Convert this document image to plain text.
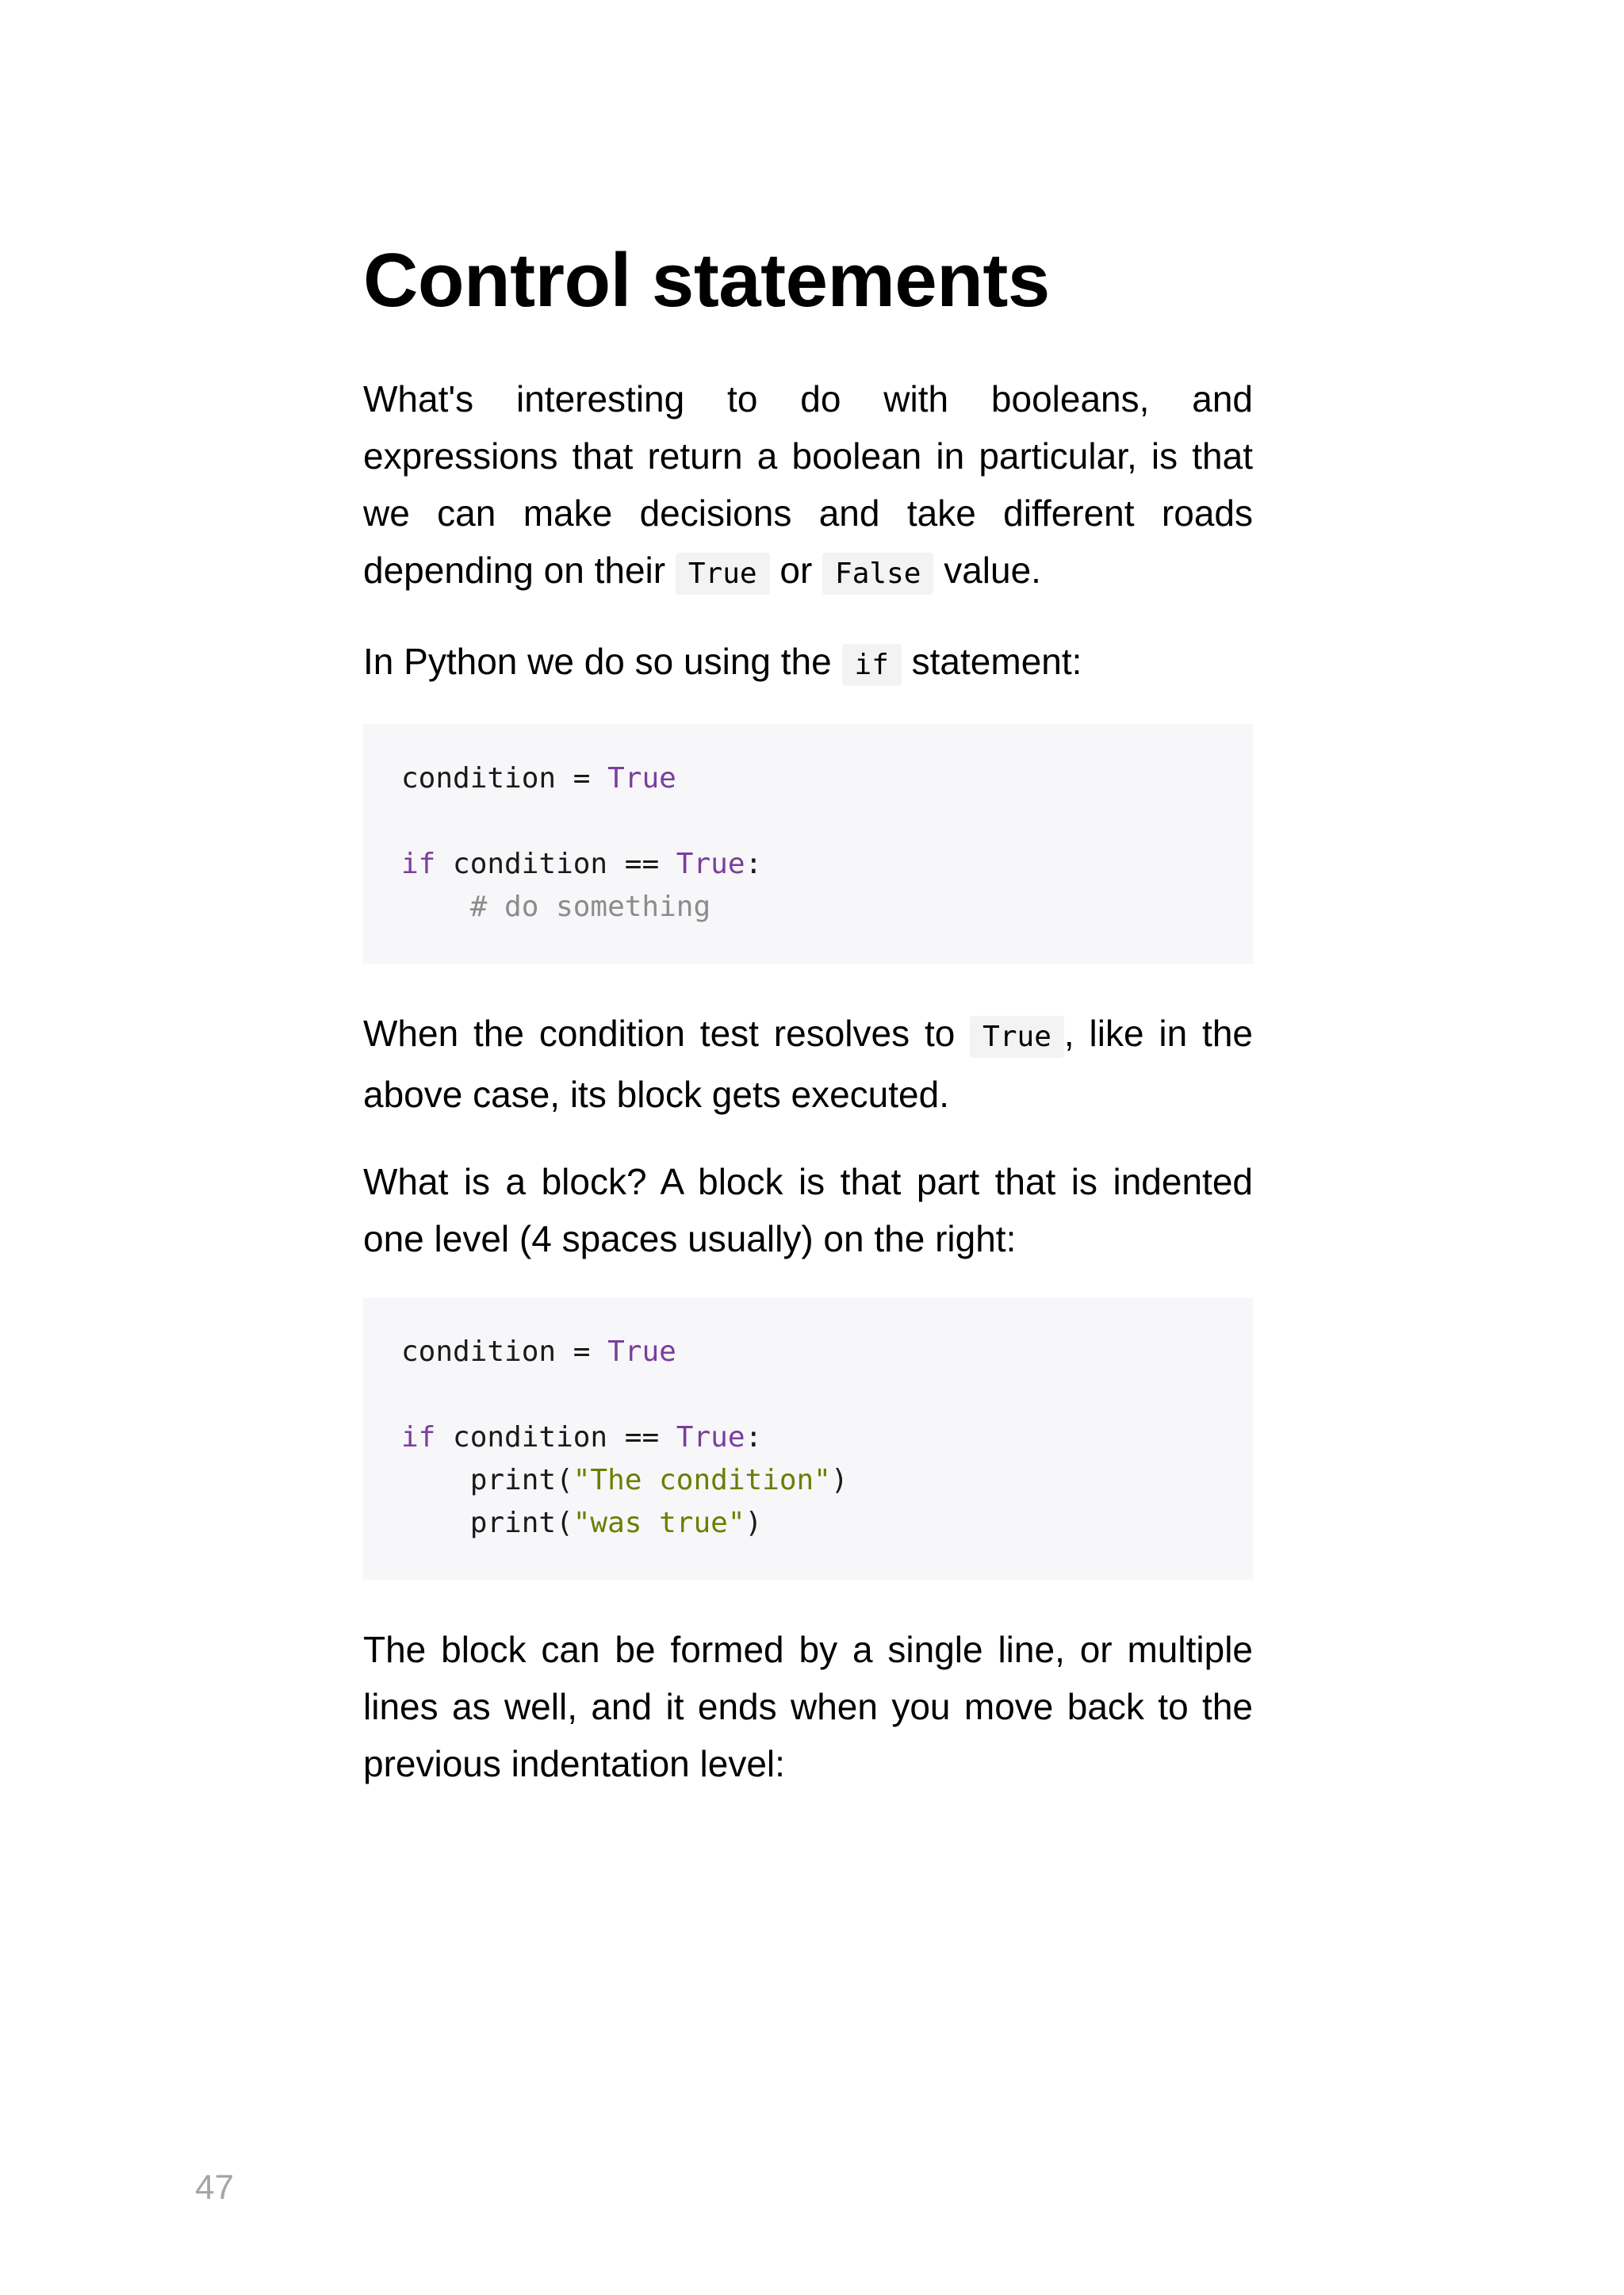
Control statements

What's interesting to do with booleans, and expressions that return a boolean in particular, is that we can make decisions and take different roads depending on their True or False value.

In Python we do so using the if statement:

condition = True

if condition == True:
# do something

When the condition test resolves to True , like in the above case, its block gets executed.

What is a block? A block is that part that is indented one level (4 spaces usually) on the right:

condition = True

if condition == True:
print("The condition")
print("was true")

The block can be formed by a single line, or multiple lines as well, and it ends when you move back to the previous indentation level:

47
